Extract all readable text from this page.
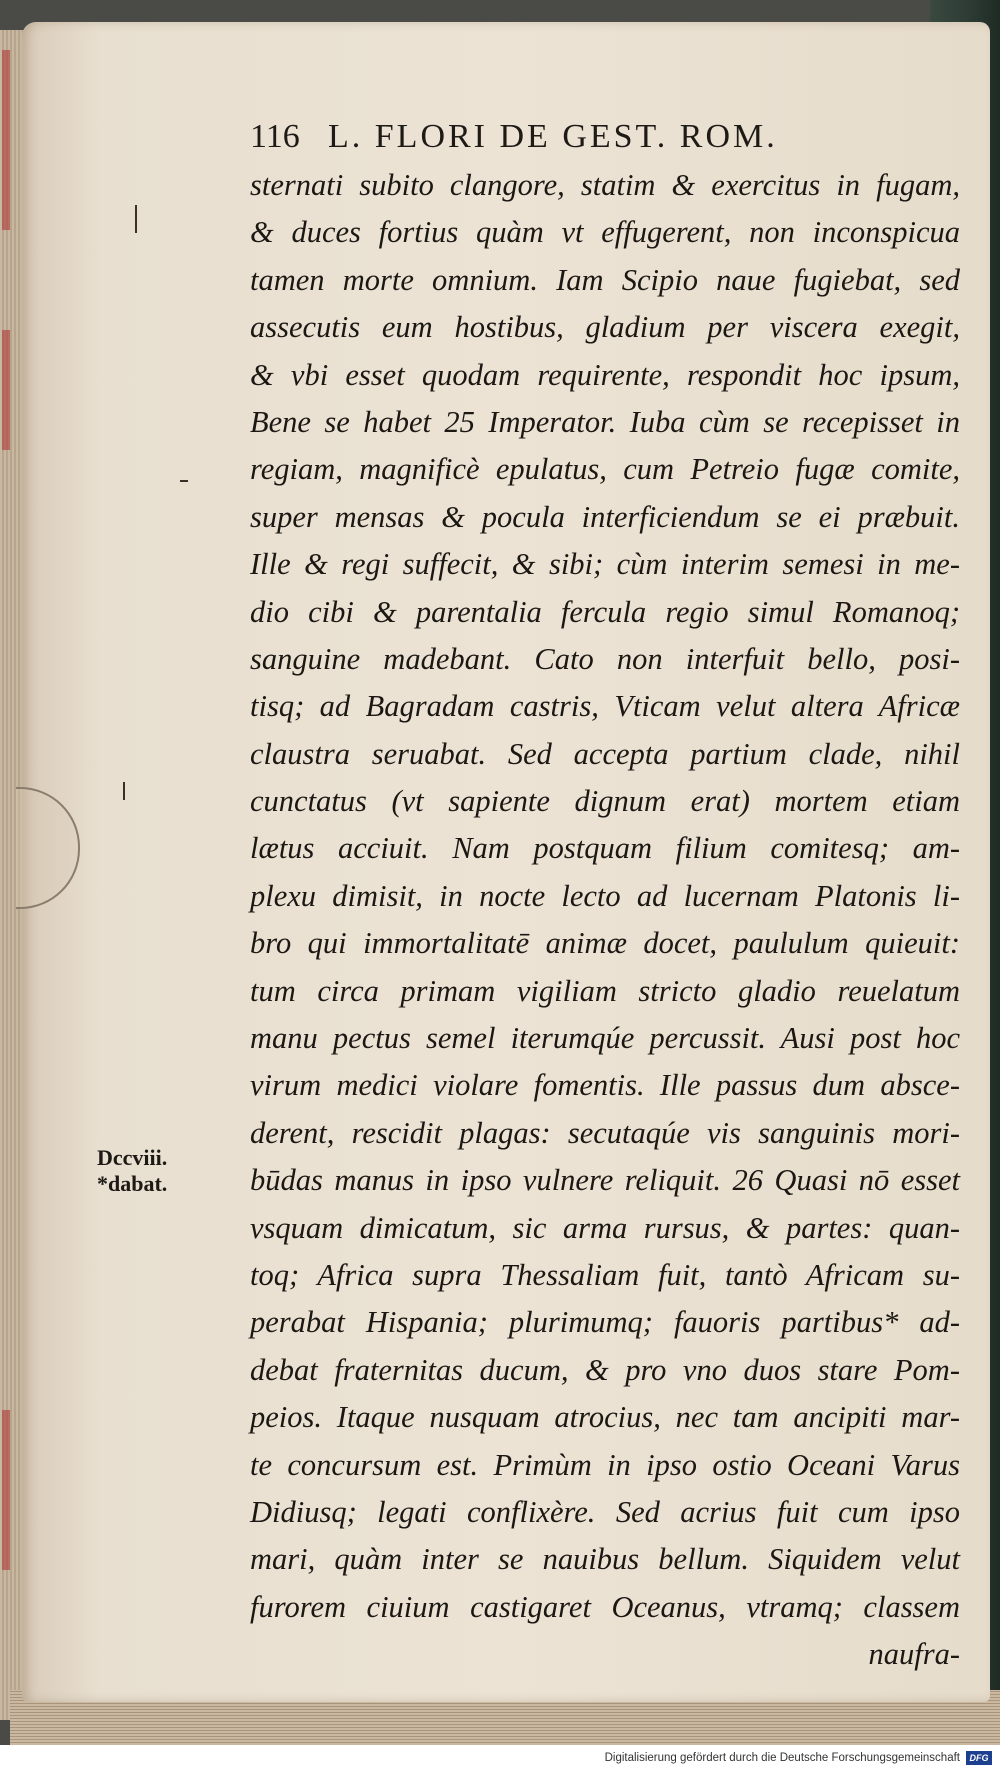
116 L. FLORI DE GEST. ROM.
sternati subito clangore, statim & exercitus in fugam,
& duces fortius quàm vt effugerent, non inconspicua
tamen morte omnium. Iam Scipio naue fugiebat, sed
assecutis eum hostibus, gladium per viscera exegit,
& vbi esset quodam requirente, respondit hoc ipsum,
Bene se habet 25 Imperator. Iuba cùm se recepisset in
regiam, magnificè epulatus, cum Petreio fugæ comite,
super mensas & pocula interficiendum se ei præbuit.
Ille & regi suffecit, & sibi; cùm interim semesi in me-
dio cibi & parentalia fercula regio simul Romanoq;
sanguine madebant. Cato non interfuit bello, posi-
tisq; ad Bagradam castris, Vticam velut altera Africæ
claustra seruabat. Sed accepta partium clade, nihil
cunctatus (vt sapiente dignum erat) mortem etiam
lætus acciuit. Nam postquam filium comitesq; am-
plexu dimisit, in nocte lecto ad lucernam Platonis li-
bro qui immortalitatē animæ docet, paululum quieuit:
tum circa primam vigiliam stricto gladio reuelatum
manu pectus semel iterumqúe percussit. Ausi post hoc
virum medici violare fomentis. Ille passus dum absce-
derent, rescidit plagas: secutaqúe vis sanguinis mori-
būdas manus in ipso vulnere reliquit. 26 Quasi nō esset
vsquam dimicatum, sic arma rursus, & partes: quan-
toq; Africa supra Thessaliam fuit, tantò Africam su-
perabat Hispania; plurimumq; fauoris partibus* ad-
debat fraternitas ducum, & pro vno duos stare Pom-
peios. Itaque nusquam atrocius, nec tam ancipiti mar-
te concursum est. Primùm in ipso ostio Oceani Varus
Didiusq; legati conflixère. Sed acrius fuit cum ipso
mari, quàm inter se nauibus bellum. Siquidem velut
furorem ciuium castigaret Oceanus, vtramq; classem
naufra-
Dccviii.
*dabat.
Digitalisierung gefördert durch die Deutsche Forschungsgemeinschaft	DFG
